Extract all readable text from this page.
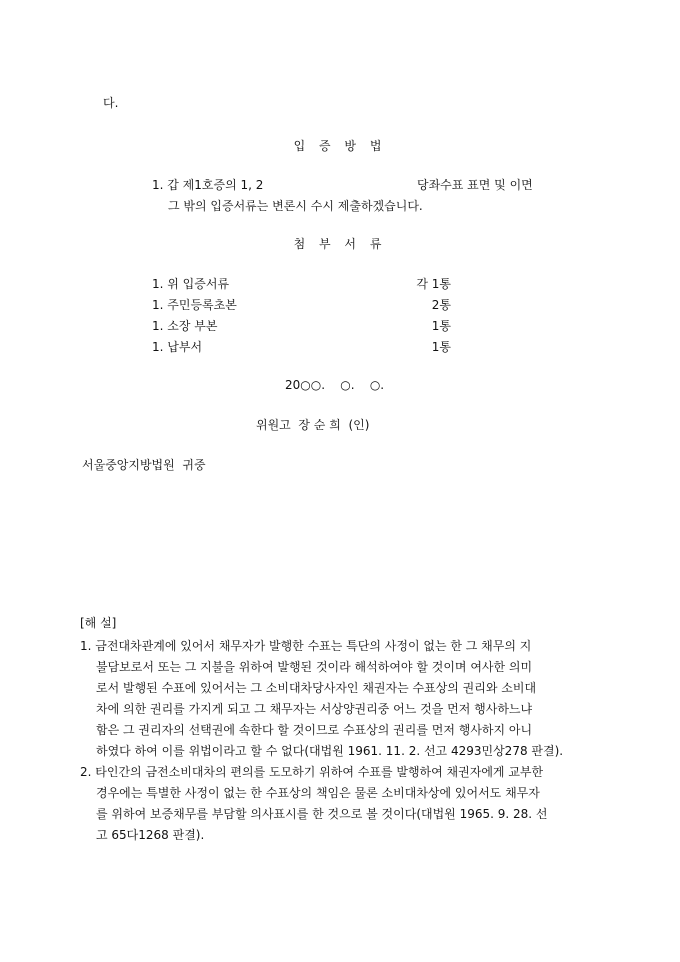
다.
입 증 방 법
1. 갑 제1호증의 1, 2	당좌수표 표면 및 이면
그 밖의 입증서류는 변론시 수시 제출하겠습니다.
첨 부 서 류
1. 위 입증서류	각 1통
1. 주민등록초본	2통
1. 소장 부본	1통
1. 납부서	1통
20○○.    ○.    ○.
위원고  장 순 희  (인)
서울중앙지방법원  귀중
[해 설]
1. 금전대차관계에 있어서 채무자가 발행한 수표는 특단의 사정이 없는 한 그 채무의 지
불담보로서 또는 그 지불을 위하여 발행된 것이라 해석하여야 할 것이며 여사한 의미
로서 발행된 수표에 있어서는 그 소비대차당사자인 채권자는 수표상의 권리와 소비대
차에 의한 권리를 가지게 되고 그 채무자는 서상양권리중 어느 것을 먼저 행사하느냐
함은 그 권리자의 선택권에 속한다 할 것이므로 수표상의 권리를 먼저 행사하지 아니
하였다 하여 이를 위법이라고 할 수 없다(대법원 1961. 11. 2. 선고 4293민상278 판결).
2. 타인간의 금전소비대차의 편의를 도모하기 위하여 수표를 발행하여 채권자에게 교부한
경우에는 특별한 사정이 없는 한 수표상의 책임은 물론 소비대차상에 있어서도 채무자
를 위하여 보증채무를 부담할 의사표시를 한 것으로 볼 것이다(대법원 1965. 9. 28. 선
고 65다1268 판결).
